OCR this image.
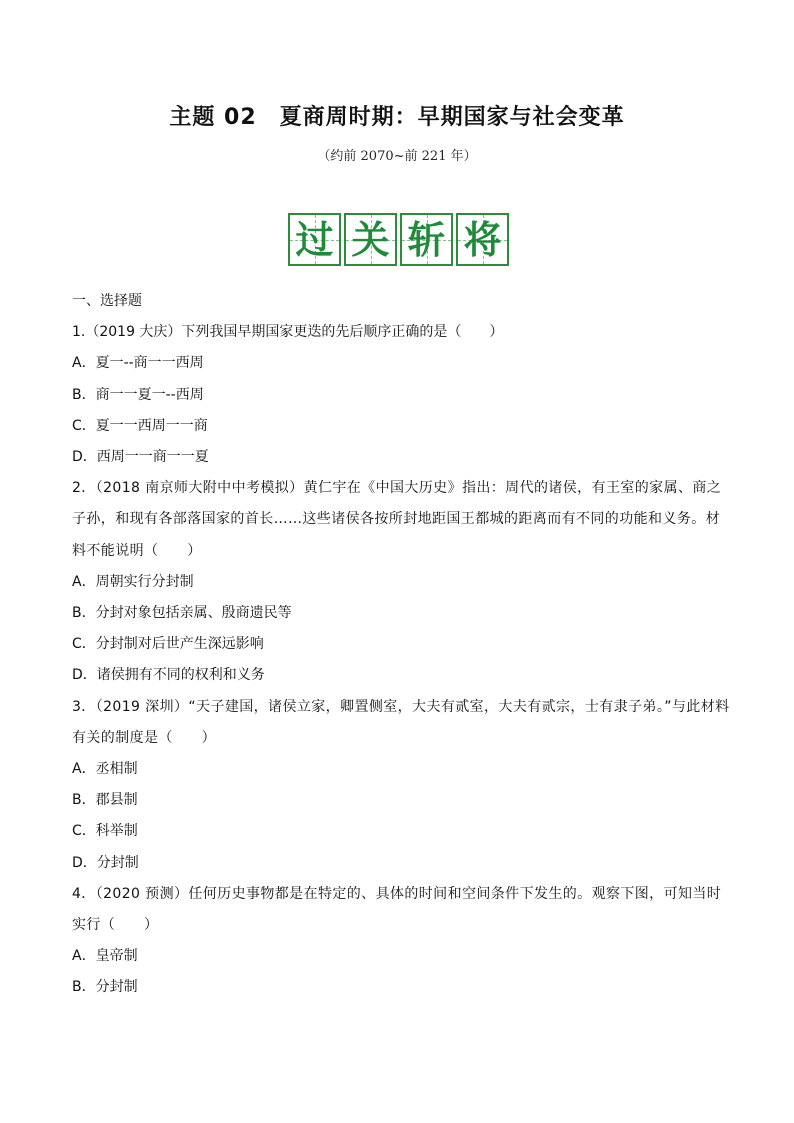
主题 02　夏商周时期：早期国家与社会变革
（约前 2070~前 221 年）
过 关 斩 将
一、选择题
1.（2019 大庆）下列我国早期国家更迭的先后顺序正确的是（　　）
A．夏一--商一一西周
B．商一一夏一--西周
C．夏一一西周一一商
D．西周一一商一一夏
2．（2018 南京师大附中中考模拟）黄仁宇在《中国大历史》指出：周代的诸侯，有王室的家属、商之子孙，和现有各部落国家的首长……这些诸侯各按所封地距国王都城的距离而有不同的功能和义务。材料不能说明（　　）
A．周朝实行分封制
B．分封对象包括亲属、殷商遗民等
C．分封制对后世产生深远影响
D．诸侯拥有不同的权利和义务
3．（2019 深圳）“天子建国，诸侯立家，卿置侧室，大夫有贰室，大夫有贰宗，士有隶子弟。”与此材料有关的制度是（　　）
A．丞相制
B．郡县制
C．科举制
D．分封制
4．（2020 预测）任何历史事物都是在特定的、具体的时间和空间条件下发生的。观察下图，可知当时实行（　　）
A．皇帝制
B．分封制
